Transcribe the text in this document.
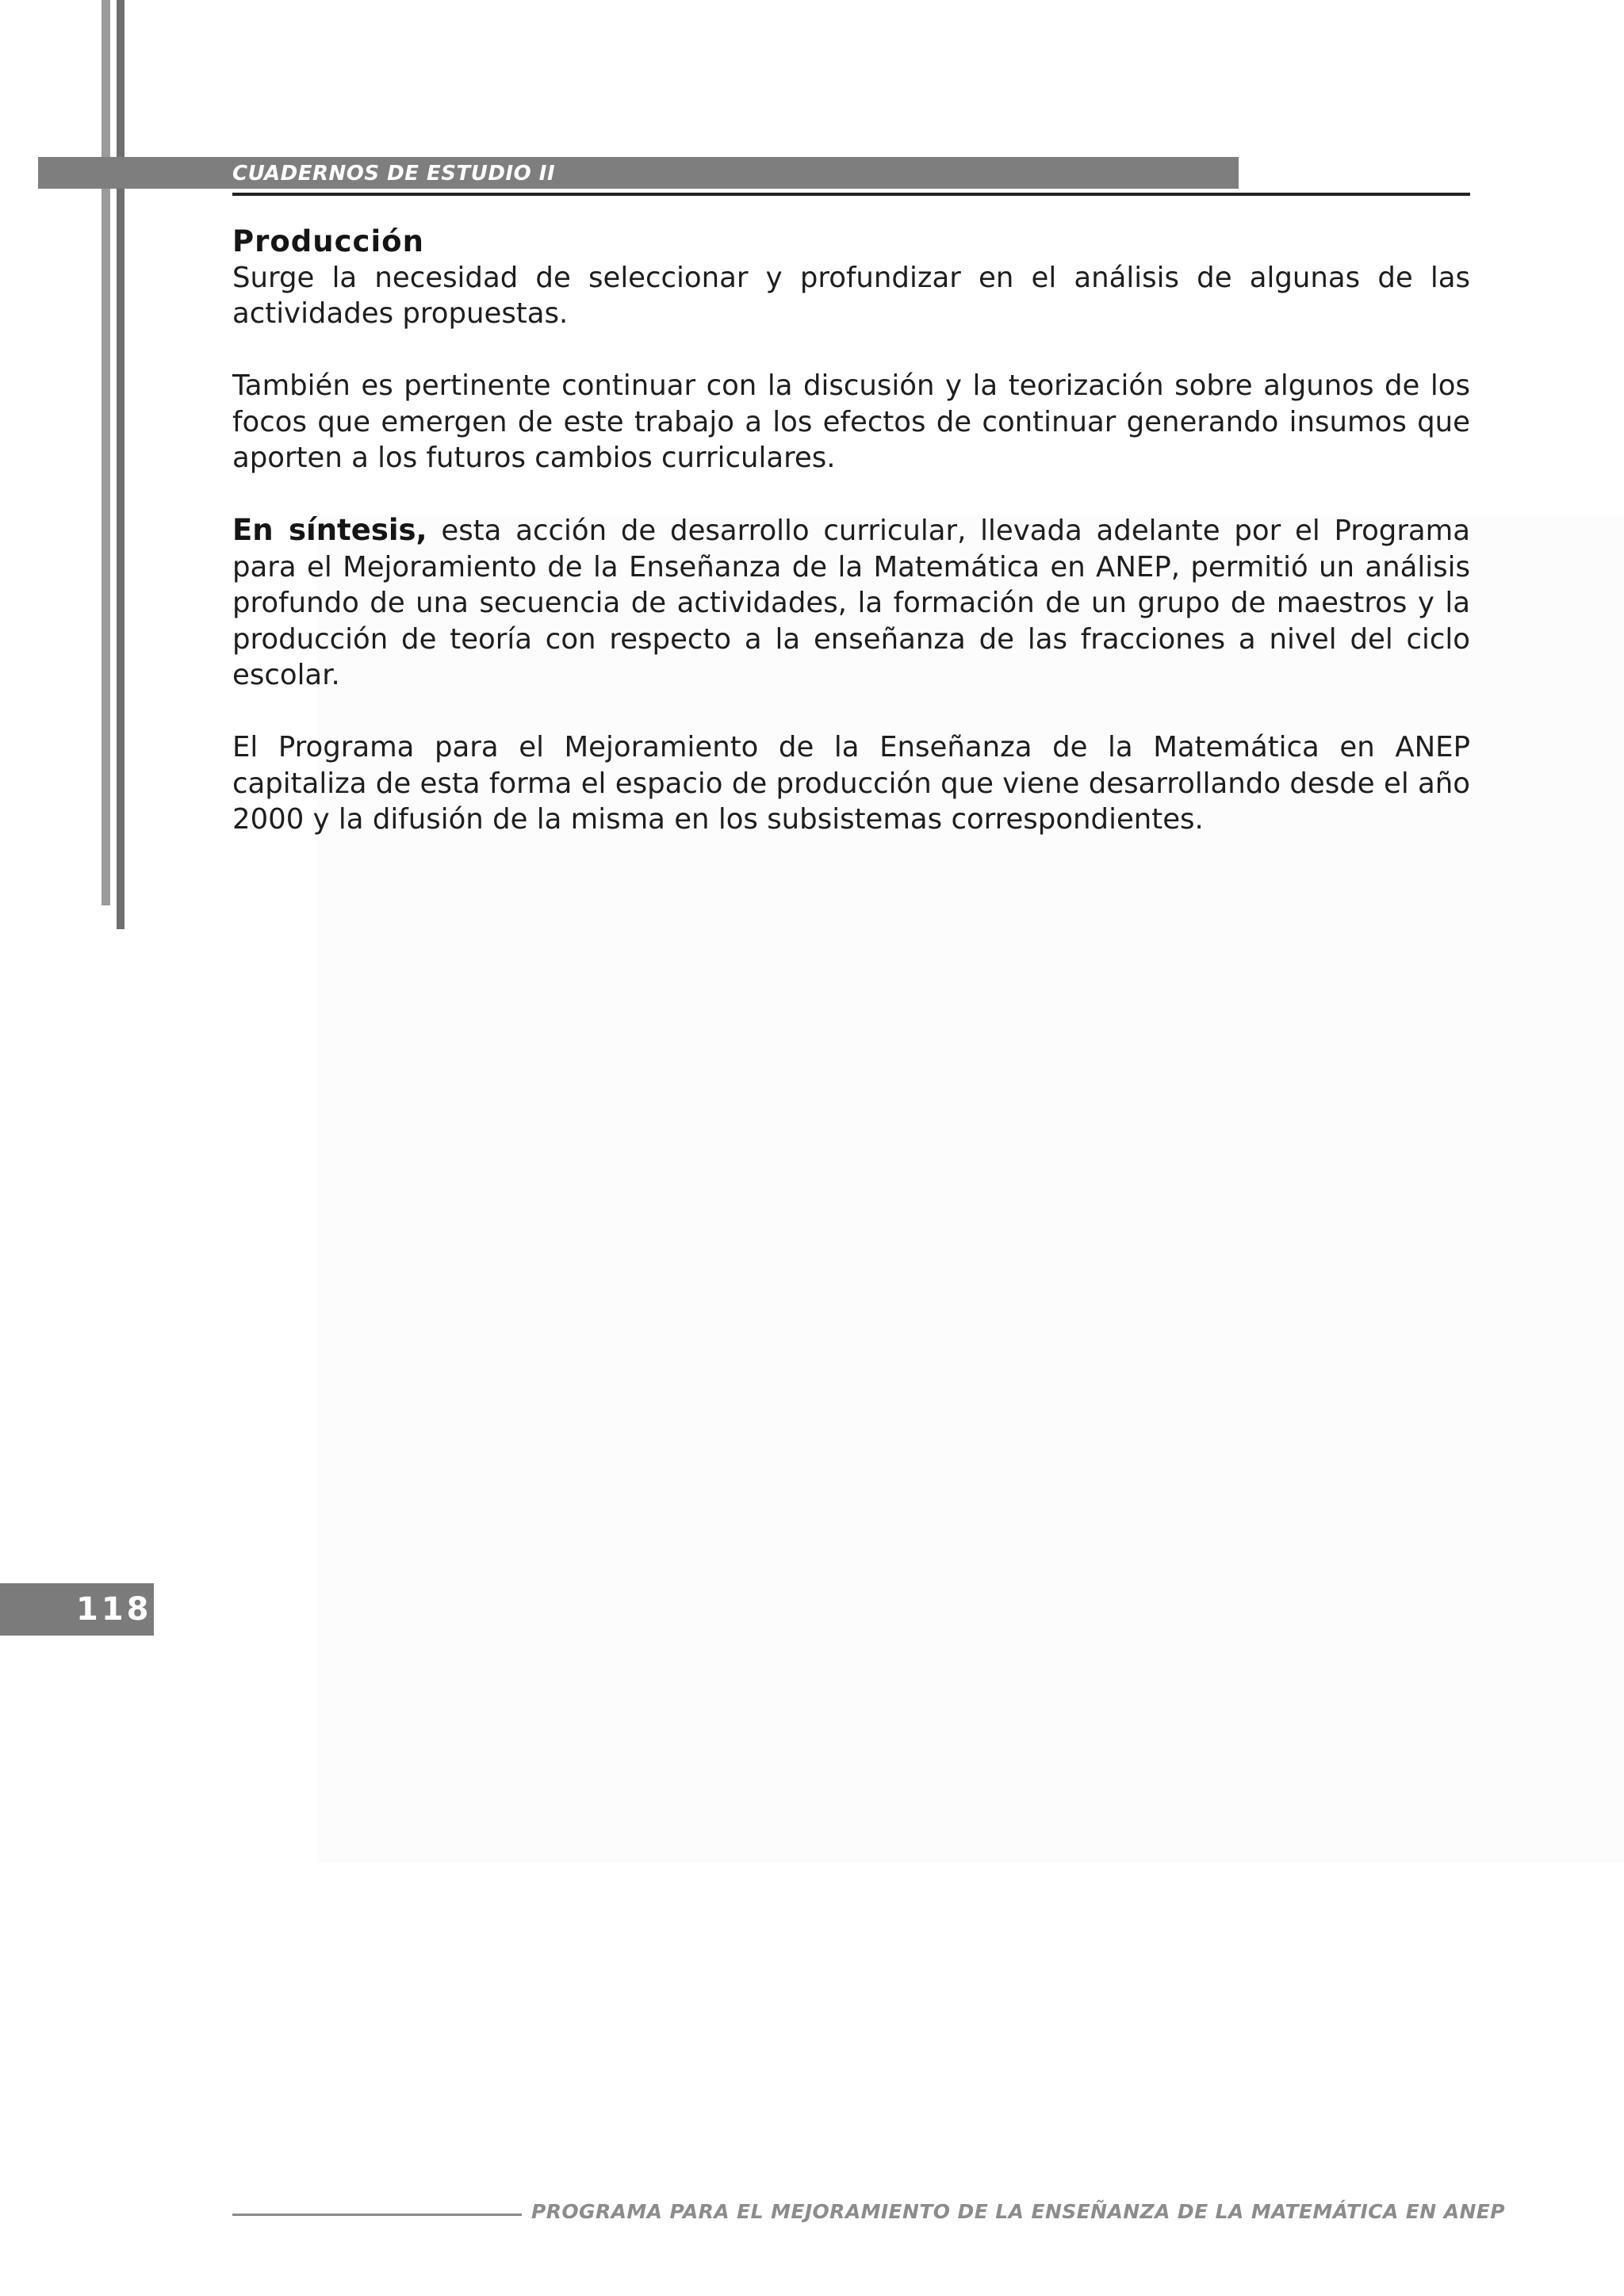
CUADERNOS DE ESTUDIO II
Producción

Surge la necesidad de seleccionar y profundizar en el análisis de algunas de las actividades propuestas.

También es pertinente continuar con la discusión y la teorización sobre algunos de los focos que emergen de este trabajo a los efectos de continuar generando insumos que aporten a los futuros cambios curriculares.

En síntesis, esta acción de desarrollo curricular, llevada adelante por el Programa para el Mejoramiento de la Enseñanza de la Matemática en ANEP, permitió un análisis profundo de una secuencia de actividades, la formación de un grupo de maestros y la producción de teoría con respecto a la enseñanza de las fracciones a nivel del ciclo escolar.

El Programa para el Mejoramiento de la Enseñanza de la Matemática en ANEP capitaliza de esta forma el espacio de producción que viene desarrollando desde el año 2000 y la difusión de la misma en los subsistemas correspondientes.

118
PROGRAMA PARA EL MEJORAMIENTO DE LA ENSEÑANZA DE LA MATEMÁTICA EN ANEP
